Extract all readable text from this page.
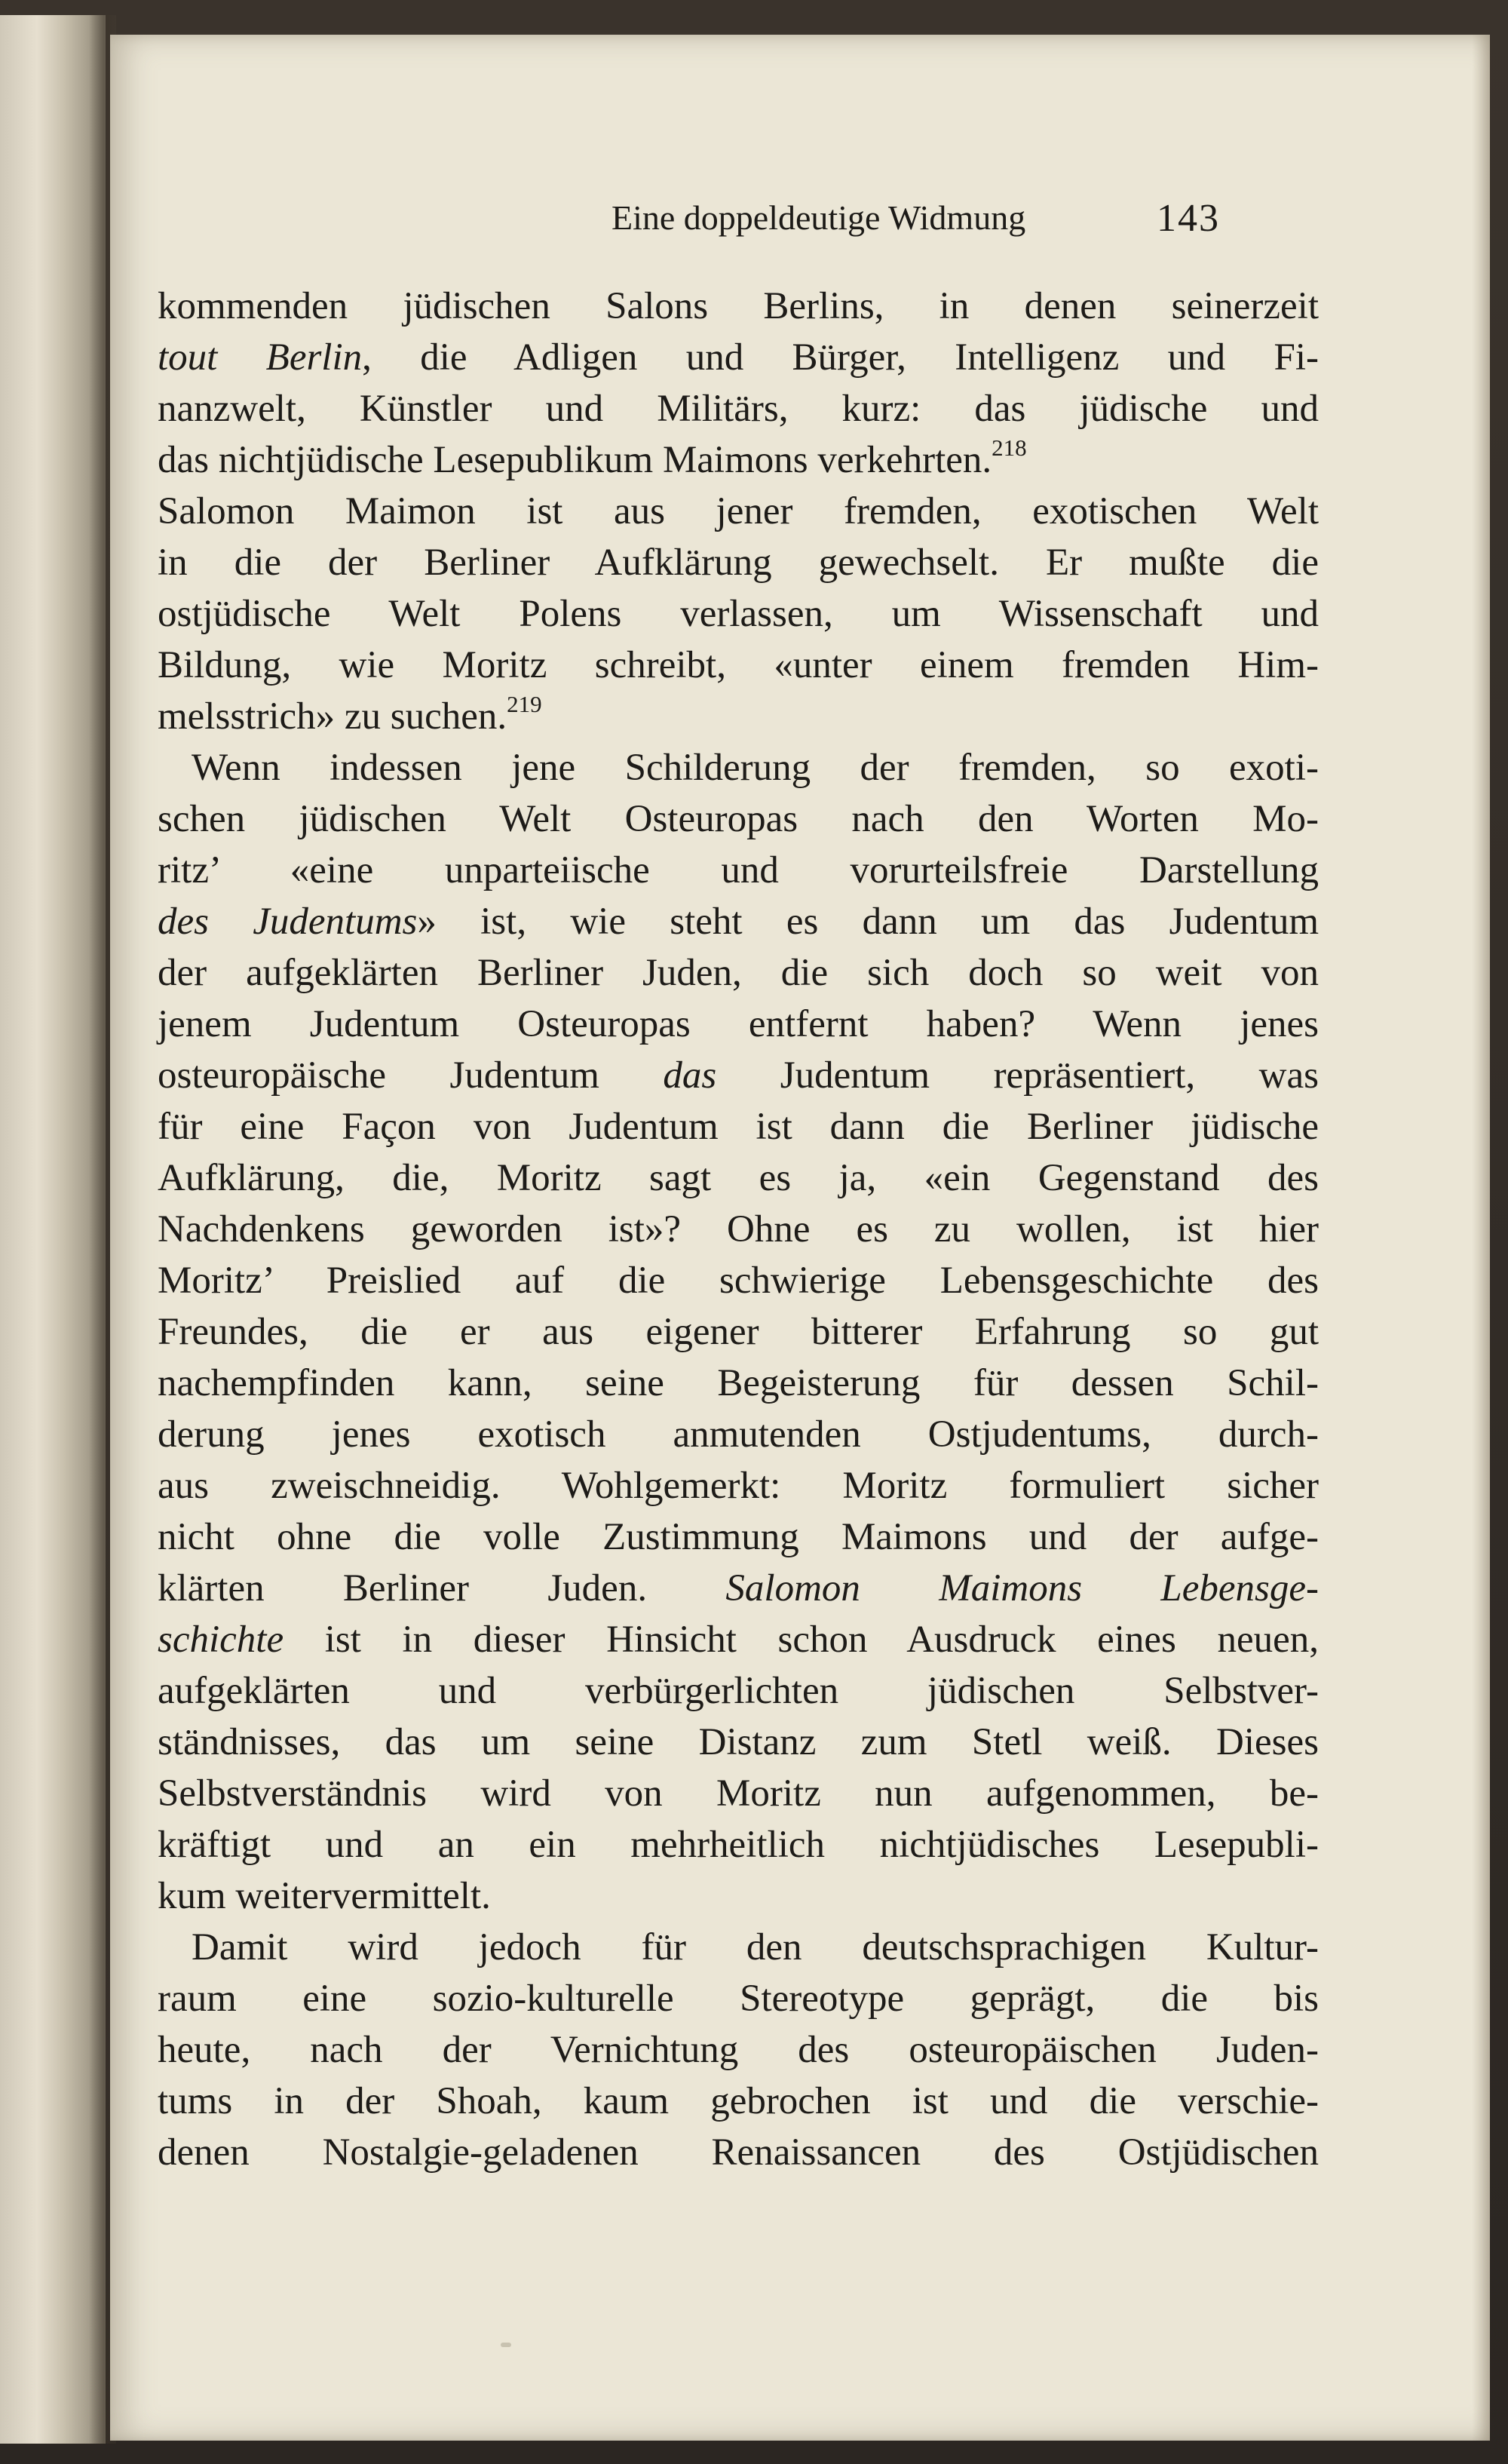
Eine doppeldeutige Widmung	143
kommenden jüdischen Salons Berlins, in denen seinerzeit
tout Berlin, die Adligen und Bürger, Intelligenz und Fi-
nanzwelt, Künstler und Militärs, kurz: das jüdische und
das nichtjüdische Lesepublikum Maimons verkehrten.$^{218}$
Salomon Maimon ist aus jener fremden, exotischen Welt
in die der Berliner Aufklärung gewechselt. Er mußte die
ostjüdische Welt Polens verlassen, um Wissenschaft und
Bildung, wie Moritz schreibt, «unter einem fremden Him-
melsstrich» zu suchen.$^{219}$
Wenn indessen jene Schilderung der fremden, so exoti-
schen jüdischen Welt Osteuropas nach den Worten Mo-
ritz’ «eine unparteiische und vorurteilsfreie Darstellung
des Judentums» ist, wie steht es dann um das Judentum
der aufgeklärten Berliner Juden, die sich doch so weit von
jenem Judentum Osteuropas entfernt haben? Wenn jenes
osteuropäische Judentum das Judentum repräsentiert, was
für eine Façon von Judentum ist dann die Berliner jüdische
Aufklärung, die, Moritz sagt es ja, «ein Gegenstand des
Nachdenkens geworden ist»? Ohne es zu wollen, ist hier
Moritz’ Preislied auf die schwierige Lebensgeschichte des
Freundes, die er aus eigener bitterer Erfahrung so gut
nachempfinden kann, seine Begeisterung für dessen Schil-
derung jenes exotisch anmutenden Ostjudentums, durch-
aus zweischneidig. Wohlgemerkt: Moritz formuliert sicher
nicht ohne die volle Zustimmung Maimons und der aufge-
klärten Berliner Juden. Salomon Maimons Lebensge-
schichte ist in dieser Hinsicht schon Ausdruck eines neuen,
aufgeklärten und verbürgerlichten jüdischen Selbstver-
ständnisses, das um seine Distanz zum Stetl weiß. Dieses
Selbstverständnis wird von Moritz nun aufgenommen, be-
kräftigt und an ein mehrheitlich nichtjüdisches Lesepubli-
kum weitervermittelt.
Damit wird jedoch für den deutschsprachigen Kultur-
raum eine sozio-kulturelle Stereotype geprägt, die bis
heute, nach der Vernichtung des osteuropäischen Juden-
tums in der Shoah, kaum gebrochen ist und die verschie-
denen Nostalgie-geladenen Renaissancen des Ostjüdischen
